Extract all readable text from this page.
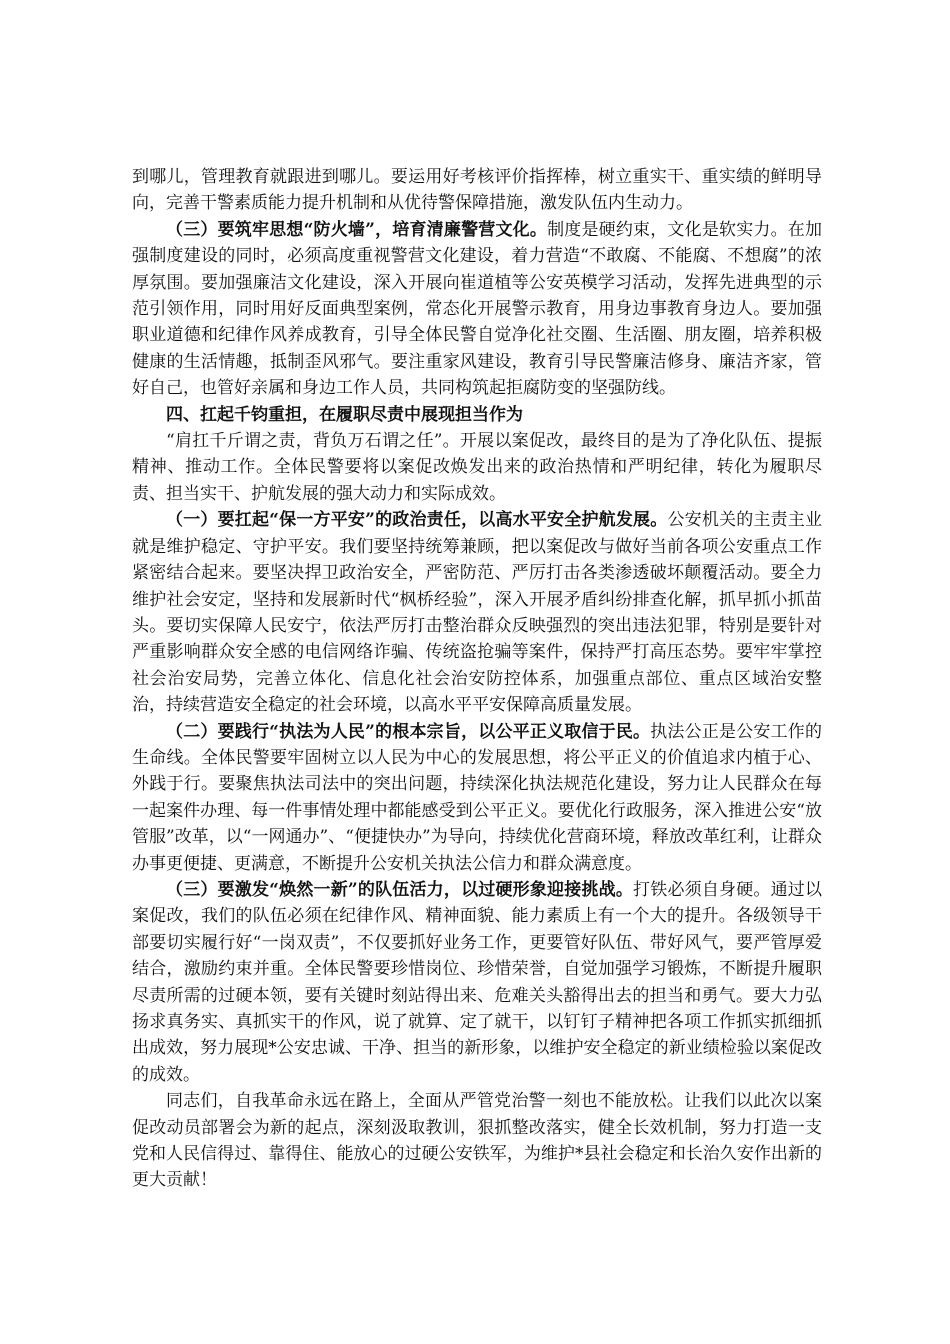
到哪儿，管理教育就跟进到哪儿。要运用好考核评价指挥棒，树立重实干、重实绩的鲜明导向，完善干警素质能力提升机制和从优待警保障措施，激发队伍内生动力。

（三）要筑牢思想“防火墙”，培育清廉警营文化。制度是硬约束，文化是软实力。在加强制度建设的同时，必须高度重视警营文化建设，着力营造“不敢腐、不能腐、不想腐”的浓厚氛围。要加强廉洁文化建设，深入开展向崔道植等公安英模学习活动，发挥先进典型的示范引领作用，同时用好反面典型案例，常态化开展警示教育，用身边事教育身边人。要加强职业道德和纪律作风养成教育，引导全体民警自觉净化社交圈、生活圈、朋友圈，培养积极健康的生活情趣，抵制歪风邪气。要注重家风建设，教育引导民警廉洁修身、廉洁齐家，管好自己，也管好亲属和身边工作人员，共同构筑起拒腐防变的坚强防线。

四、扛起千钧重担，在履职尽责中展现担当作为

“肩扛千斤谓之责，背负万石谓之任”。开展以案促改，最终目的是为了净化队伍、提振精神、推动工作。全体民警要将以案促改焕发出来的政治热情和严明纪律，转化为履职尽责、担当实干、护航发展的强大动力和实际成效。

（一）要扛起“保一方平安”的政治责任，以高水平安全护航发展。公安机关的主责主业就是维护稳定、守护平安。我们要坚持统筹兼顾，把以案促改与做好当前各项公安重点工作紧密结合起来。要坚决捍卫政治安全，严密防范、严厉打击各类渗透破坏颠覆活动。要全力维护社会安定，坚持和发展新时代“枫桥经验”，深入开展矛盾纠纷排查化解，抓早抓小抓苗头。要切实保障人民安宁，依法严厉打击整治群众反映强烈的突出违法犯罪，特别是要针对严重影响群众安全感的电信网络诈骗、传统盗抢骗等案件，保持严打高压态势。要牢牢掌控社会治安局势，完善立体化、信息化社会治安防控体系，加强重点部位、重点区域治安整治，持续营造安全稳定的社会环境，以高水平平安保障高质量发展。

（二）要践行“执法为人民”的根本宗旨，以公平正义取信于民。执法公正是公安工作的生命线。全体民警要牢固树立以人民为中心的发展思想，将公平正义的价值追求内植于心、外践于行。要聚焦执法司法中的突出问题，持续深化执法规范化建设，努力让人民群众在每一起案件办理、每一件事情处理中都能感受到公平正义。要优化行政服务，深入推进公安“放管服”改革，以“一网通办”、“便捷快办”为导向，持续优化营商环境，释放改革红利，让群众办事更便捷、更满意，不断提升公安机关执法公信力和群众满意度。

（三）要激发“焕然一新”的队伍活力，以过硬形象迎接挑战。打铁必须自身硬。通过以案促改，我们的队伍必须在纪律作风、精神面貌、能力素质上有一个大的提升。各级领导干部要切实履行好“一岗双责”，不仅要抓好业务工作，更要管好队伍、带好风气，要严管厚爱结合，激励约束并重。全体民警要珍惜岗位、珍惜荣誉，自觉加强学习锻炼，不断提升履职尽责所需的过硬本领，要有关键时刻站得出来、危难关头豁得出去的担当和勇气。要大力弘扬求真务实、真抓实干的作风，说了就算、定了就干，以钉钉子精神把各项工作抓实抓细抓出成效，努力展现*公安忠诚、干净、担当的新形象，以维护安全稳定的新业绩检验以案促改的成效。

同志们，自我革命永远在路上，全面从严管党治警一刻也不能放松。让我们以此次以案促改动员部署会为新的起点，深刻汲取教训，狠抓整改落实，健全长效机制，努力打造一支党和人民信得过、靠得住、能放心的过硬公安铁军，为维护*县社会稳定和长治久安作出新的更大贡献！
